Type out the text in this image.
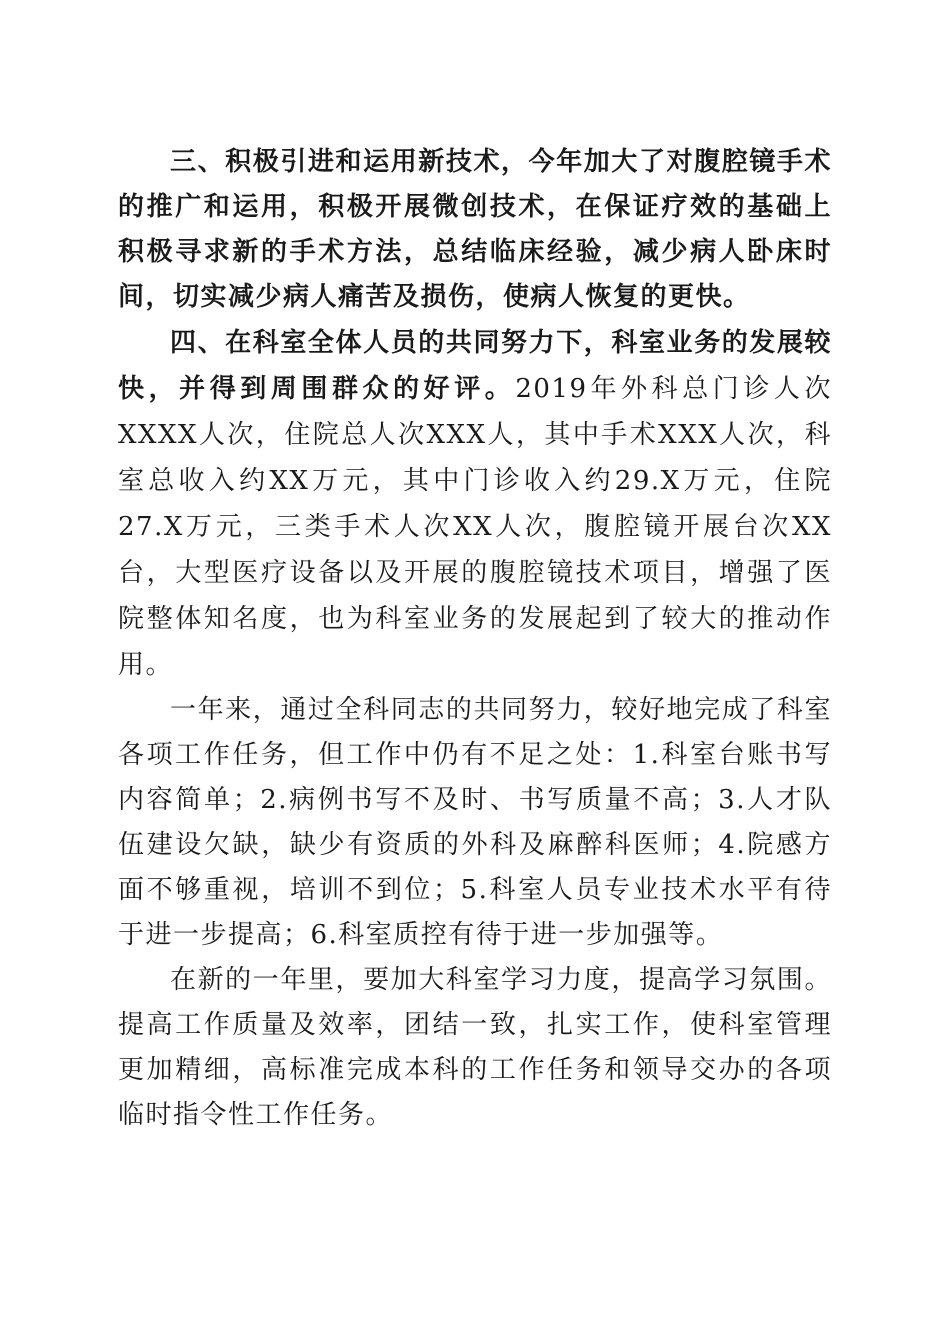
三、积极引进和运用新技术，今年加大了对腹腔镜手术的推广和运用，积极开展微创技术，在保证疗效的基础上积极寻求新的手术方法，总结临床经验，减少病人卧床时间，切实减少病人痛苦及损伤，使病人恢复的更快。

四、在科室全体人员的共同努力下，科室业务的发展较快，并得到周围群众的好评。2019年外科总门诊人次XXXX人次，住院总人次XXX人，其中手术XXX人次，科室总收入约XX万元，其中门诊收入约29.X万元，住院27.X万元，三类手术人次XX人次，腹腔镜开展台次XX台，大型医疗设备以及开展的腹腔镜技术项目，增强了医院整体知名度，也为科室业务的发展起到了较大的推动作用。

一年来，通过全科同志的共同努力，较好地完成了科室各项工作任务，但工作中仍有不足之处：1.科室台账书写内容简单；2.病例书写不及时、书写质量不高；3.人才队伍建设欠缺，缺少有资质的外科及麻醉科医师；4.院感方面不够重视，培训不到位；5.科室人员专业技术水平有待于进一步提高；6.科室质控有待于进一步加强等。

在新的一年里，要加大科室学习力度，提高学习氛围。提高工作质量及效率，团结一致，扎实工作，使科室管理更加精细，高标准完成本科的工作任务和领导交办的各项临时指令性工作任务。
